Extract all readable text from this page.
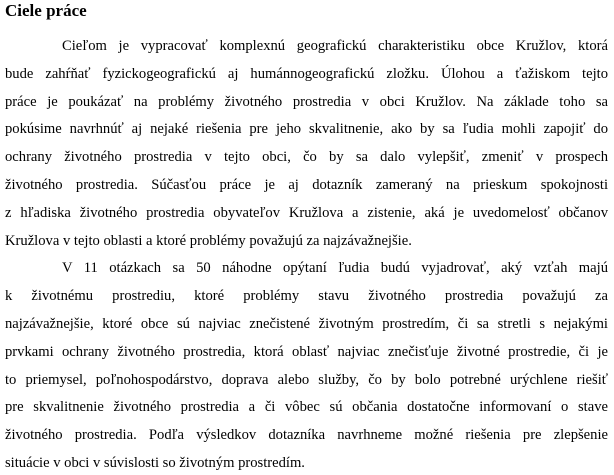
Ciele práce
Cieľom je vypracovať komplexnú geografickú charakteristiku obce Kružlov, ktorá
bude zahŕňať fyzickogeografickú aj humánnogeografickú zložku. Úlohou a ťažiskom tejto
práce je poukázať na problémy životného prostredia v obci Kružlov. Na základe toho sa
pokúsime navrhnúť aj nejaké riešenia pre jeho skvalitnenie, ako by sa ľudia mohli zapojiť do
ochrany životného prostredia v tejto obci, čo by sa dalo vylepšiť, zmeniť v prospech
životného prostredia. Súčasťou práce je aj dotazník zameraný na prieskum spokojnosti
z hľadiska životného prostredia obyvateľov Kružlova a zistenie, aká je uvedomelosť občanov
Kružlova v tejto oblasti a ktoré problémy považujú za najzávažnejšie.
V 11 otázkach sa 50 náhodne opýtaní ľudia budú vyjadrovať, aký vzťah majú
k životnému prostrediu, ktoré problémy stavu životného prostredia považujú za
najzávažnejšie, ktoré obce sú najviac znečistené životným prostredím, či sa stretli s nejakými
prvkami ochrany životného prostredia, ktorá oblasť najviac znečisťuje životné prostredie, či je
to priemysel, poľnohospodárstvo, doprava alebo služby, čo by bolo potrebné urýchlene riešiť
pre skvalitnenie životného prostredia a či vôbec sú občania dostatočne informovaní o stave
životného prostredia. Podľa výsledkov dotazníka navrhneme možné riešenia pre zlepšenie
situácie v obci v súvislosti so životným prostredím.
